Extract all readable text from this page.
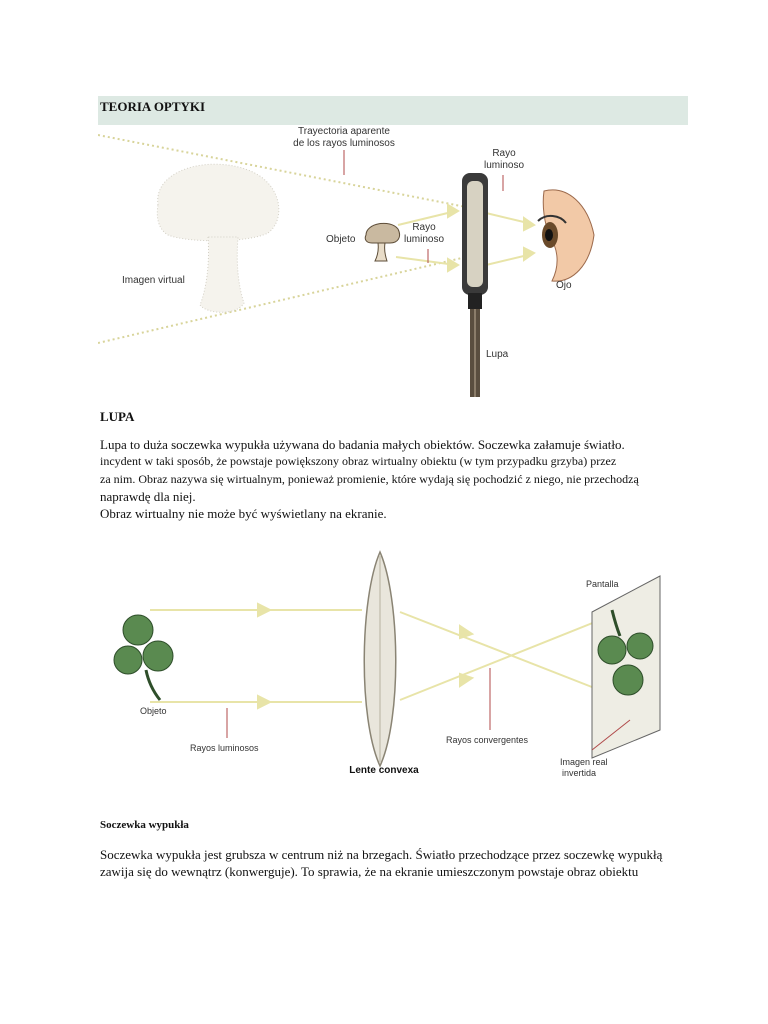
TEORIA OPTYKI
Trayectoria aparente
de los rayos luminosos
Rayo
luminoso
Objeto
Rayo
luminoso
Imagen virtual	Ojo
Lupa
LUPA

Lupa to duża soczewka wypukła używana do badania małych obiektów. Soczewka załamuje światło.

incydent w taki sposób, że powstaje powiększony obraz wirtualny obiektu (w tym przypadku grzyba) przez

za nim. Obraz nazywa się wirtualnym, ponieważ promienie, które wydają się pochodzić z niego, nie przechodzą

naprawdę dla niej.

Obraz wirtualny nie może być wyświetlany na ekranie.

Pantalla
Objeto
Rayos luminosos
Lente convexa
Rayos convergentes
Imagen real
invertida
Soczewka wypukła

Soczewka wypukła jest grubsza w centrum niż na brzegach. Światło przechodzące przez soczewkę wypukłą

zawija się do wewnątrz (konwerguje). To sprawia, że na ekranie umieszczonym powstaje obraz obiektu
